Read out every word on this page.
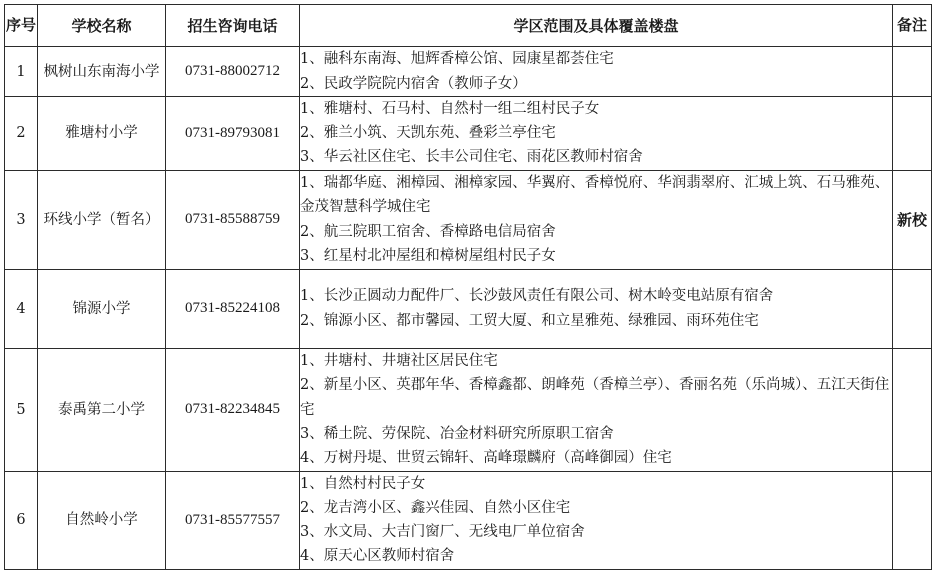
序号	学校名称	招生咨询电话	学区范围及具体覆盖楼盘	备注
1	枫树山东南海小学	0731-88002712	1、融科东南海、旭辉香樟公馆、园康星都荟住宅
2、民政学院院内宿舍（教师子女）	

2	雅塘村小学	0731-89793081	1、雅塘村、石马村、自然村一组二组村民子女
2、雅兰小筑、天凯东苑、叠彩兰亭住宅
3、华云社区住宅、长丰公司住宅、雨花区教师村宿舍	

3	环线小学（暂名）	0731-85588759	1、瑞都华庭、湘樟园、湘樟家园、华翼府、香樟悦府、华润翡翠府、汇城上筑、石马雅苑、金茂智慧科学城住宅
2、航三院职工宿舍、香樟路电信局宿舍
3、红星村北冲屋组和樟树屋组村民子女	新校
4	锦源小学	0731-85224108	1、长沙正圆动力配件厂、长沙鼓风责任有限公司、树木岭变电站原有宿舍
2、锦源小区、都市馨园、工贸大厦、和立星雅苑、绿雅园、雨环苑住宅	

5	泰禹第二小学	0731-82234845	1、井塘村、井塘社区居民住宅
2、新星小区、英郡年华、香樟鑫都、朗峰苑（香樟兰亭）、香丽名苑（乐尚城）、五江天街住宅
3、稀土院、劳保院、冶金材料研究所原职工宿舍
4、万树丹堤、世贸云锦轩、高峰璟麟府（高峰御园）住宅	

6	自然岭小学	0731-85577557	1、自然村村民子女
2、龙吉湾小区、鑫兴佳园、自然小区住宅
3、水文局、大吉门窗厂、无线电厂单位宿舍
4、原天心区教师村宿舍	
